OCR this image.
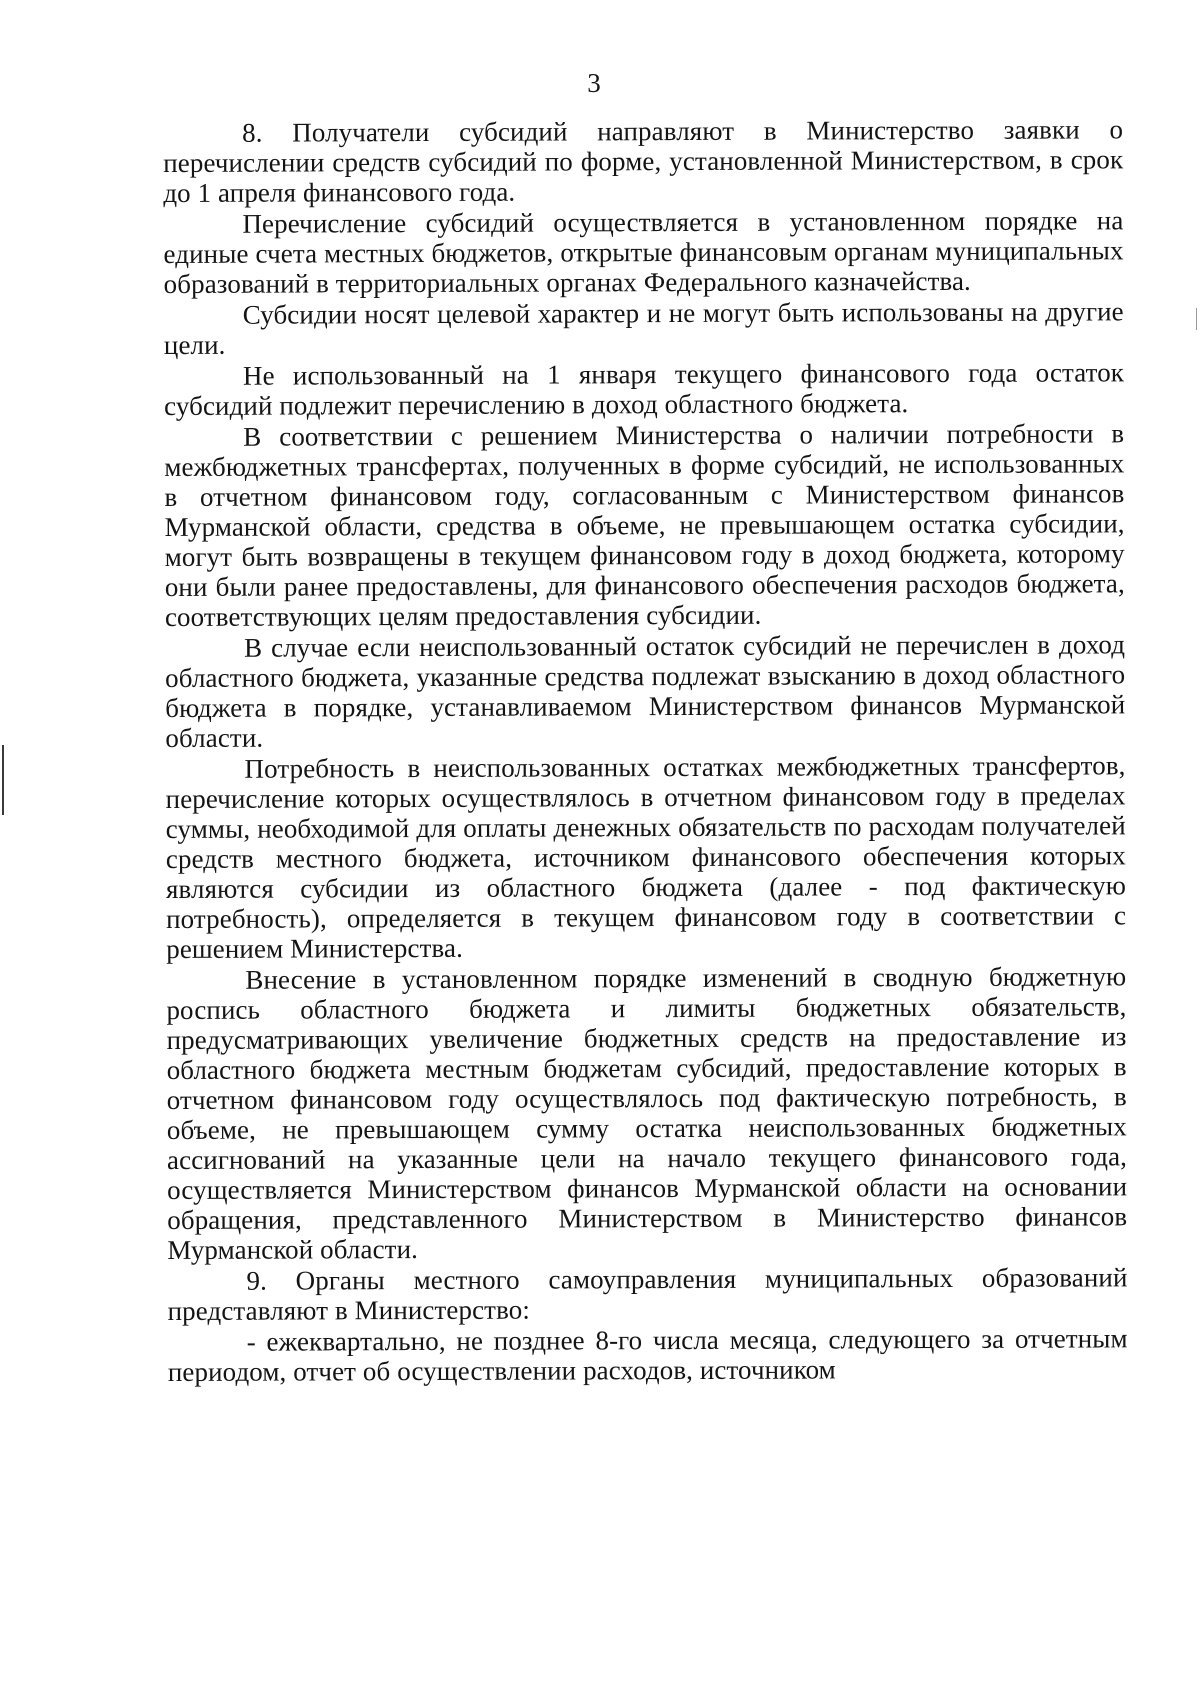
3

8. Получатели субсидий направляют в Министерство заявки о перечислении средств субсидий по форме, установленной Министерством, в срок до 1 апреля финансового года.

Перечисление субсидий осуществляется в установленном порядке на единые счета местных бюджетов, открытые финансовым органам муниципальных образований в территориальных органах Федерального казначейства.

Субсидии носят целевой характер и не могут быть использованы на другие цели.

Не использованный на 1 января текущего финансового года остаток субсидий подлежит перечислению в доход областного бюджета.

В соответствии с решением Министерства о наличии потребности в межбюджетных трансфертах, полученных в форме субсидий, не использованных в отчетном финансовом году, согласованным с Министерством финансов Мурманской области, средства в объеме, не превышающем остатка субсидии, могут быть возвращены в текущем финансовом году в доход бюджета, которому они были ранее предоставлены, для финансового обеспечения расходов бюджета, соответствующих целям предоставления субсидии.

В случае если неиспользованный остаток субсидий не перечислен в доход областного бюджета, указанные средства подлежат взысканию в доход областного бюджета в порядке, устанавливаемом Министерством финансов Мурманской области.

Потребность в неиспользованных остатках межбюджетных трансфертов, перечисление которых осуществлялось в отчетном финансовом году в пределах суммы, необходимой для оплаты денежных обязательств по расходам получателей средств местного бюджета, источником финансового обеспечения которых являются субсидии из областного бюджета (далее - под фактическую потребность), определяется в текущем финансовом году в соответствии с решением Министерства.

Внесение в установленном порядке изменений в сводную бюджетную роспись областного бюджета и лимиты бюджетных обязательств, предусматривающих увеличение бюджетных средств на предоставление из областного бюджета местным бюджетам субсидий, предоставление которых в отчетном финансовом году осуществлялось под фактическую потребность, в объеме, не превышающем сумму остатка неиспользованных бюджетных ассигнований на указанные цели на начало текущего финансового года, осуществляется Министерством финансов Мурманской области на основании обращения, представленного Министерством в Министерство финансов Мурманской области.

9. Органы местного самоуправления муниципальных образований представляют в Министерство:

- ежеквартально, не позднее 8-го числа месяца, следующего за отчетным периодом, отчет об осуществлении расходов, источником
